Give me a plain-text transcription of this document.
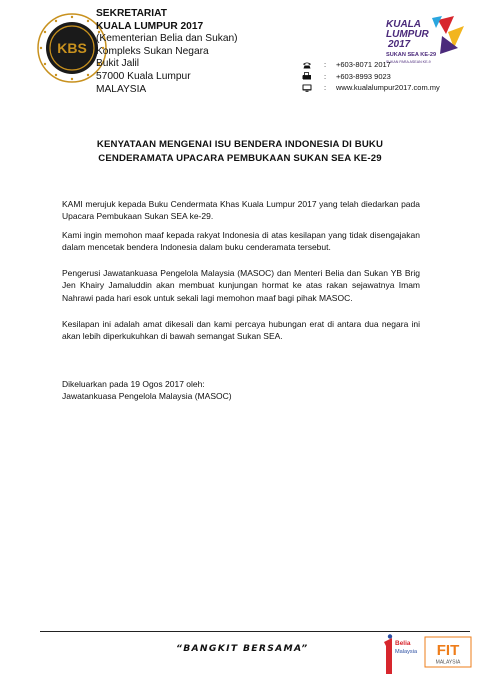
KBS
SEKRETARIAT
KUALA LUMPUR 2017
(Kementerian Belia dan Sukan)
Kompleks Sukan Negara
Bukit Jalil
57000 Kuala Lumpur
MALAYSIA
KUALA
LUMPUR
2017
SUKAN SEA KE-29
SUKAN PARA ASEAN KE-9
:	+603-8071 2017
:	+603-8993 9023
:	www.kualalumpur2017.com.my
KENYATAAN MENGENAI ISU BENDERA INDONESIA DI BUKU
CENDERAMATA UPACARA PEMBUKAAN SUKAN SEA KE-29
KAMI merujuk kepada Buku Cendermata Khas Kuala Lumpur 2017 yang telah diedarkan pada Upacara Pembukaan Sukan SEA ke-29.
Kami ingin memohon maaf kepada rakyat Indonesia di atas kesilapan yang tidak disengajakan dalam mencetak bendera Indonesia dalam buku cenderamata tersebut.
Pengerusi Jawatankuasa Pengelola Malaysia (MASOC) dan Menteri Belia dan Sukan YB Brig Jen Khairy Jamaluddin akan membuat kunjungan hormat ke atas rakan sejawatnya Imam Nahrawi pada hari esok untuk sekali lagi memohon maaf bagi pihak MASOC.
Kesilapan ini adalah amat dikesali dan kami percaya hubungan erat di antara dua negara ini akan lebih diperkukuhkan di bawah semangat Sukan SEA.
Dikeluarkan pada 19 Ogos 2017 oleh:
Jawatankuasa Pengelola Malaysia (MASOC)
“BANGKIT BERSAMA”	Belia
Malaysia FIT
MALAYSIA
